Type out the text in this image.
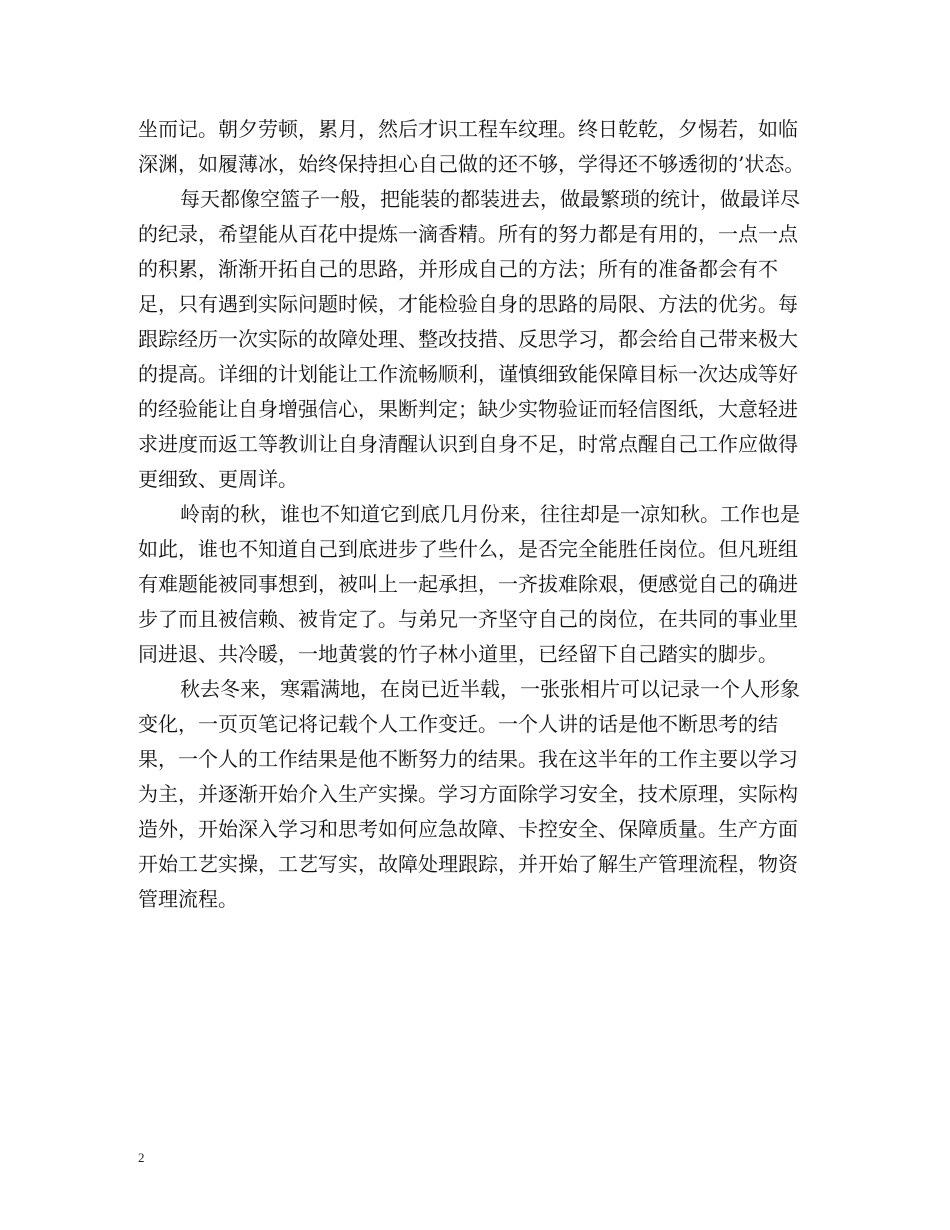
坐而记。朝夕劳顿，累月，然后才识工程车纹理。终日乾乾，夕惕若，如临深渊，如履薄冰，始终保持担心自己做的还不够，学得还不够透彻的’状态。

每天都像空篮子一般，把能装的都装进去，做最繁琐的统计，做最详尽的纪录，希望能从百花中提炼一滴香精。所有的努力都是有用的，一点一点的积累，渐渐开拓自己的思路，并形成自己的方法；所有的准备都会有不足，只有遇到实际问题时候，才能检验自身的思路的局限、方法的优劣。每跟踪经历一次实际的故障处理、整改技措、反思学习，都会给自己带来极大的提高。详细的计划能让工作流畅顺利，谨慎细致能保障目标一次达成等好的经验能让自身增强信心，果断判定；缺少实物验证而轻信图纸，大意轻进求进度而返工等教训让自身清醒认识到自身不足，时常点醒自己工作应做得更细致、更周详。

岭南的秋，谁也不知道它到底几月份来，往往却是一凉知秋。工作也是如此，谁也不知道自己到底进步了些什么，是否完全能胜任岗位。但凡班组有难题能被同事想到，被叫上一起承担，一齐拔难除艰，便感觉自己的确进步了而且被信赖、被肯定了。与弟兄一齐坚守自己的岗位，在共同的事业里同进退、共冷暖，一地黄裳的竹子林小道里，已经留下自己踏实的脚步。

秋去冬来，寒霜满地，在岗已近半载，一张张相片可以记录一个人形象变化，一页页笔记将记载个人工作变迁。一个人讲的话是他不断思考的结果，一个人的工作结果是他不断努力的结果。我在这半年的工作主要以学习为主，并逐渐开始介入生产实操。学习方面除学习安全，技术原理，实际构造外，开始深入学习和思考如何应急故障、卡控安全、保障质量。生产方面开始工艺实操，工艺写实，故障处理跟踪，并开始了解生产管理流程，物资管理流程。

2
